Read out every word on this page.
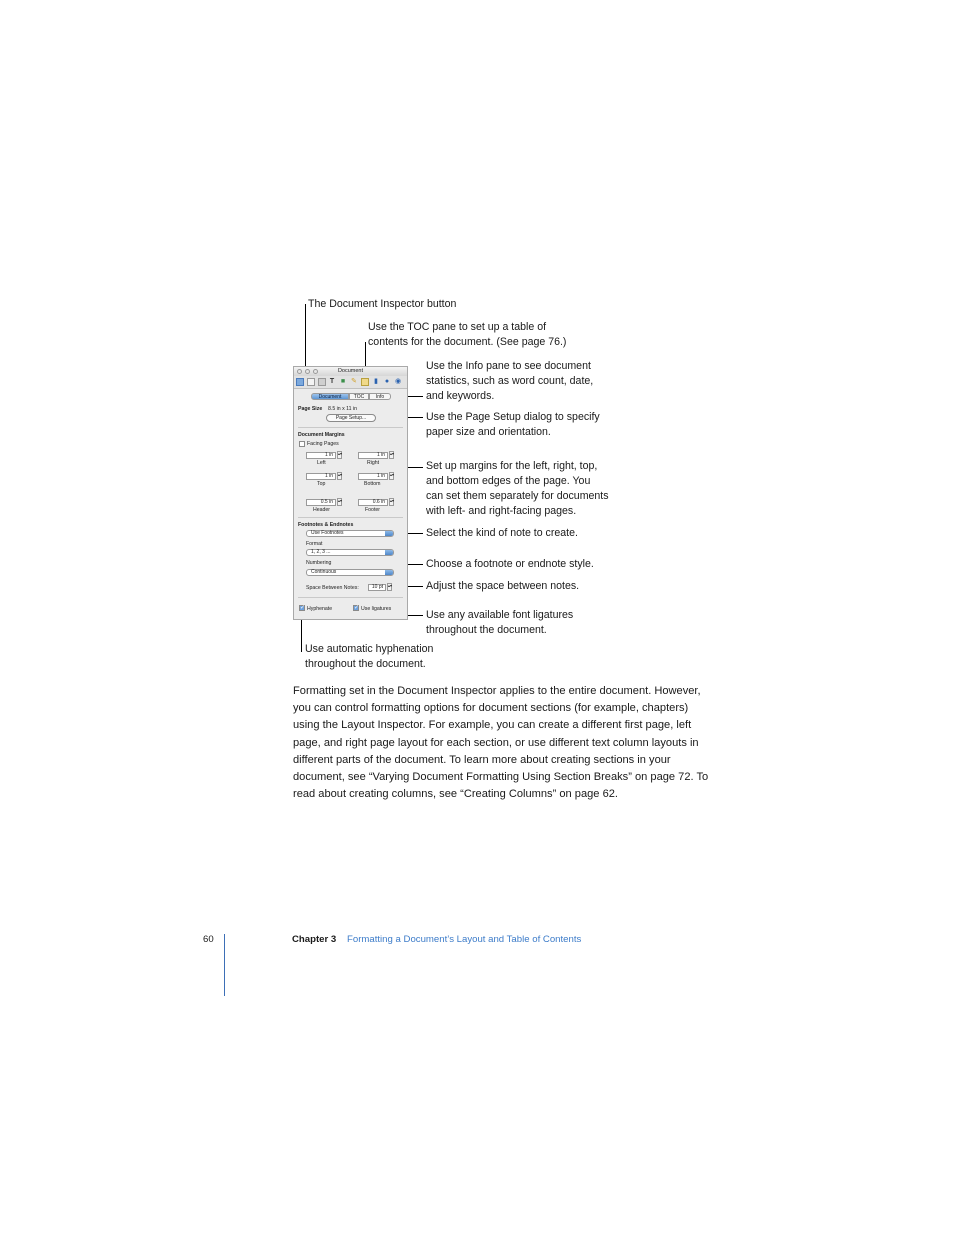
The Document Inspector button
Use the TOC pane to set up a table of
contents for the document. (See page 76.)
Use the Info pane to see document
statistics, such as word count, date,
and keywords.
Use the Page Setup dialog to specify
paper size and orientation.
Set up margins for the left, right, top,
and bottom edges of the page. You
can set them separately for documents
with left- and right-facing pages.
Select the kind of note to create.
Choose a footnote or endnote style.
Adjust the space between notes.
Use any available font ligatures
throughout the document.
Use automatic hyphenation
throughout the document.
Document
T ■ ✎ ▮ ● ◉
Document	TOC	Info
Page Size 8.5 in x 11 in
Page Setup...
Document Margins
Facing Pages
1 in	▴▾
Left
1 in	▴▾
Right
1 in	▴▾
Top
1 in	▴▾
Bottom
0.5 in	▴▾
Header
0.6 in	▴▾
Footer
Footnotes & Endnotes
Use Footnotes
Format
1, 2, 3 ...
Numbering
Continuous
Space Between Notes:	10 pt	▴▾
✓ Hyphenate	✓ Use ligatures
Formatting set in the Document Inspector applies to the entire document. However,
you can control formatting options for document sections (for example, chapters)
using the Layout Inspector. For example, you can create a different first page, left
page, and right page layout for each section, or use different text column layouts in
different parts of the document. To learn more about creating sections in your
document, see “Varying Document Formatting Using Section Breaks” on page 72. To
read about creating columns, see “Creating Columns” on page 62.
60	Chapter 3 Formatting a Document’s Layout and Table of Contents
